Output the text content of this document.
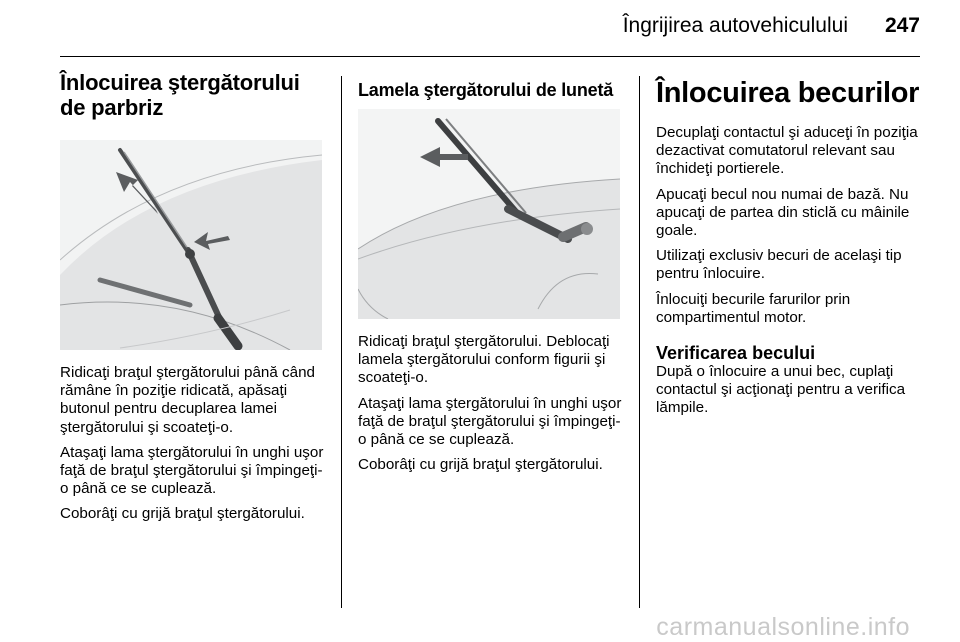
Îngrijirea autovehiculului 247
Înlocuirea ştergătorului de parbriz

Ridicaţi braţul ştergătorului până când rămâne în poziţie ridicată, apăsaţi butonul pentru decuplarea lamei ştergătorului şi scoateţi-o.

Ataşaţi lama ştergătorului în unghi uşor faţă de braţul ştergătorului şi împingeţi-o până ce se cuplează.

Coborâţi cu grijă braţul ştergătorului.

Lamela ştergătorului de lunetă

Ridicaţi braţul ştergătorului. Deblocaţi lamela ştergătorului conform figurii şi scoateţi-o.

Ataşaţi lama ştergătorului în unghi uşor faţă de braţul ştergătorului şi împingeţi-o până ce se cuplează.

Coborâţi cu grijă braţul ştergătorului.

Înlocuirea becurilor

Decuplaţi contactul şi aduceţi în poziţia dezactivat comutatorul relevant sau închideţi portierele.

Apucaţi becul nou numai de bază. Nu apucaţi de partea din sticlă cu mâinile goale.

Utilizaţi exclusiv becuri de acelaşi tip pentru înlocuire.

Înlocuiţi becurile farurilor prin compartimentul motor.

Verificarea becului

După o înlocuire a unui bec, cuplaţi contactul şi acţionaţi pentru a verifica lămpile.

carmanualsonline.info
